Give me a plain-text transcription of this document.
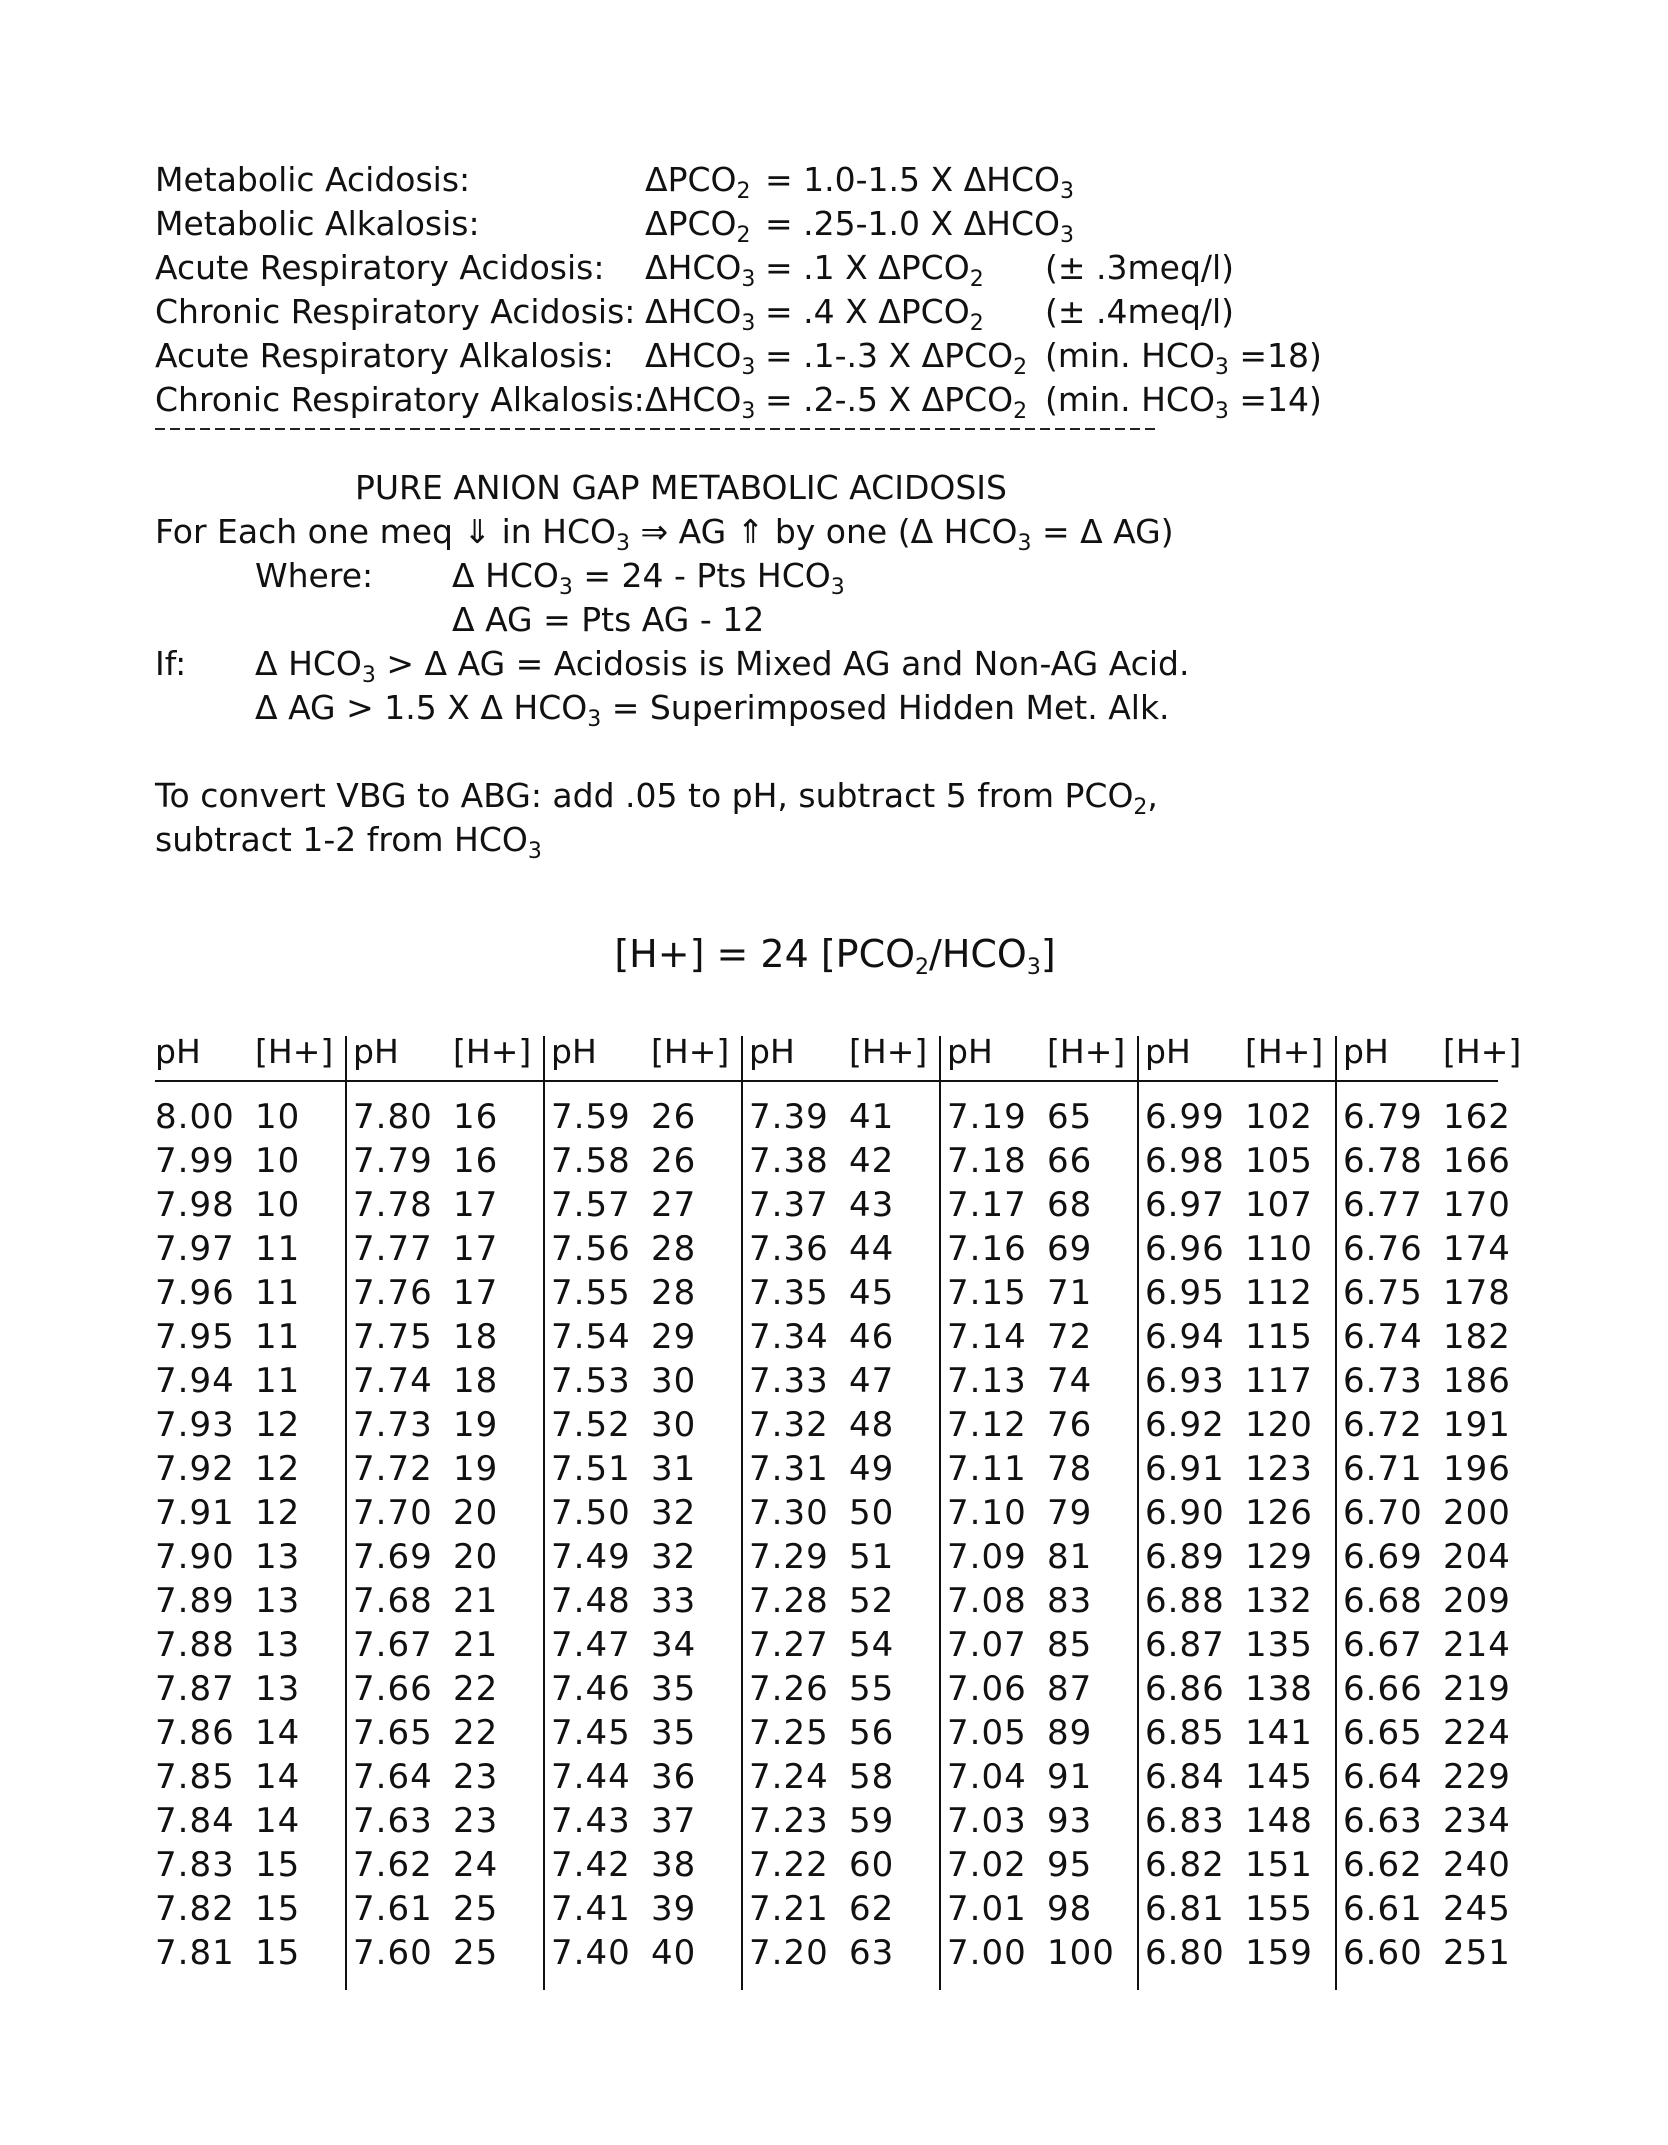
Metabolic Acidosis:	$\Delta PCO_2 = 1.0-1.5$ X $\Delta HCO_3$
Metabolic Alkalosis:	$\Delta PCO_2 = .25-1.0$ X $\Delta HCO_3$
Acute Respiratory Acidosis: $\Delta HCO_3 = .1$ X $\Delta PCO_2$ (± .3meq/l)
Chronic Respiratory Acidosis: $\Delta HCO_3 = .4$ X $\Delta PCO_2$ (± .4meq/l)
Acute Respiratory Alkalosis: $\Delta HCO_3 = .1-.3$ X $\Delta PCO_2$ (min. $HCO_3 =18$)
Chronic Respiratory Alkalosis: $\Delta HCO_3 = .2-.5$ X $\Delta PCO_2$ (min. $HCO_3 =14$)
PURE ANION GAP METABOLIC ACIDOSIS
For Each one meq ⇓ in $HCO_3$ ⇒ AG ⇑ by one (Δ $HCO_3 = \Delta$ AG)
Where: Δ $HCO_3 = 24$ - Pts $HCO_3$
Δ AG = Pts AG - 12
If: Δ $HCO_3 > \Delta$ AG = Acidosis is Mixed AG and Non-AG Acid.
Δ AG > 1.5 X Δ $HCO_3$ = Superimposed Hidden Met. Alk.
To convert VBG to ABG: add .05 to pH, subtract 5 from $PCO_2$,
subtract 1-2 from $HCO_3$
[H+] = 24 $[PCO_2/HCO_3]$
pH [H+] pH [H+] pH [H+] pH [H+] pH [H+] pH [H+] pH [H+]
8.00 10
7.99 10
7.98 10
7.97 11
7.96 11
7.95 11
7.94 11
7.93 12
7.92 12
7.91 12
7.90 13
7.89 13
7.88 13
7.87 13
7.86 14
7.85 14
7.84 14
7.83 15
7.82 15
7.81 15
7.80 16
7.79 16
7.78 17
7.77 17
7.76 17
7.75 18
7.74 18
7.73 19
7.72 19
7.70 20
7.69 20
7.68 21
7.67 21
7.66 22
7.65 22
7.64 23
7.63 23
7.62 24
7.61 25
7.60 25
7.59 26
7.58 26
7.57 27
7.56 28
7.55 28
7.54 29
7.53 30
7.52 30
7.51 31
7.50 32
7.49 32
7.48 33
7.47 34
7.46 35
7.45 35
7.44 36
7.43 37
7.42 38
7.41 39
7.40 40
7.39 41
7.38 42
7.37 43
7.36 44
7.35 45
7.34 46
7.33 47
7.32 48
7.31 49
7.30 50
7.29 51
7.28 52
7.27 54
7.26 55
7.25 56
7.24 58
7.23 59
7.22 60
7.21 62
7.20 63
7.19 65
7.18 66
7.17 68
7.16 69
7.15 71
7.14 72
7.13 74
7.12 76
7.11 78
7.10 79
7.09 81
7.08 83
7.07 85
7.06 87
7.05 89
7.04 91
7.03 93
7.02 95
7.01 98
7.00 100
6.99 102
6.98 105
6.97 107
6.96 110
6.95 112
6.94 115
6.93 117
6.92 120
6.91 123
6.90 126
6.89 129
6.88 132
6.87 135
6.86 138
6.85 141
6.84 145
6.83 148
6.82 151
6.81 155
6.80 159
6.79 162
6.78 166
6.77 170
6.76 174
6.75 178
6.74 182
6.73 186
6.72 191
6.71 196
6.70 200
6.69 204
6.68 209
6.67 214
6.66 219
6.65 224
6.64 229
6.63 234
6.62 240
6.61 245
6.60 251
